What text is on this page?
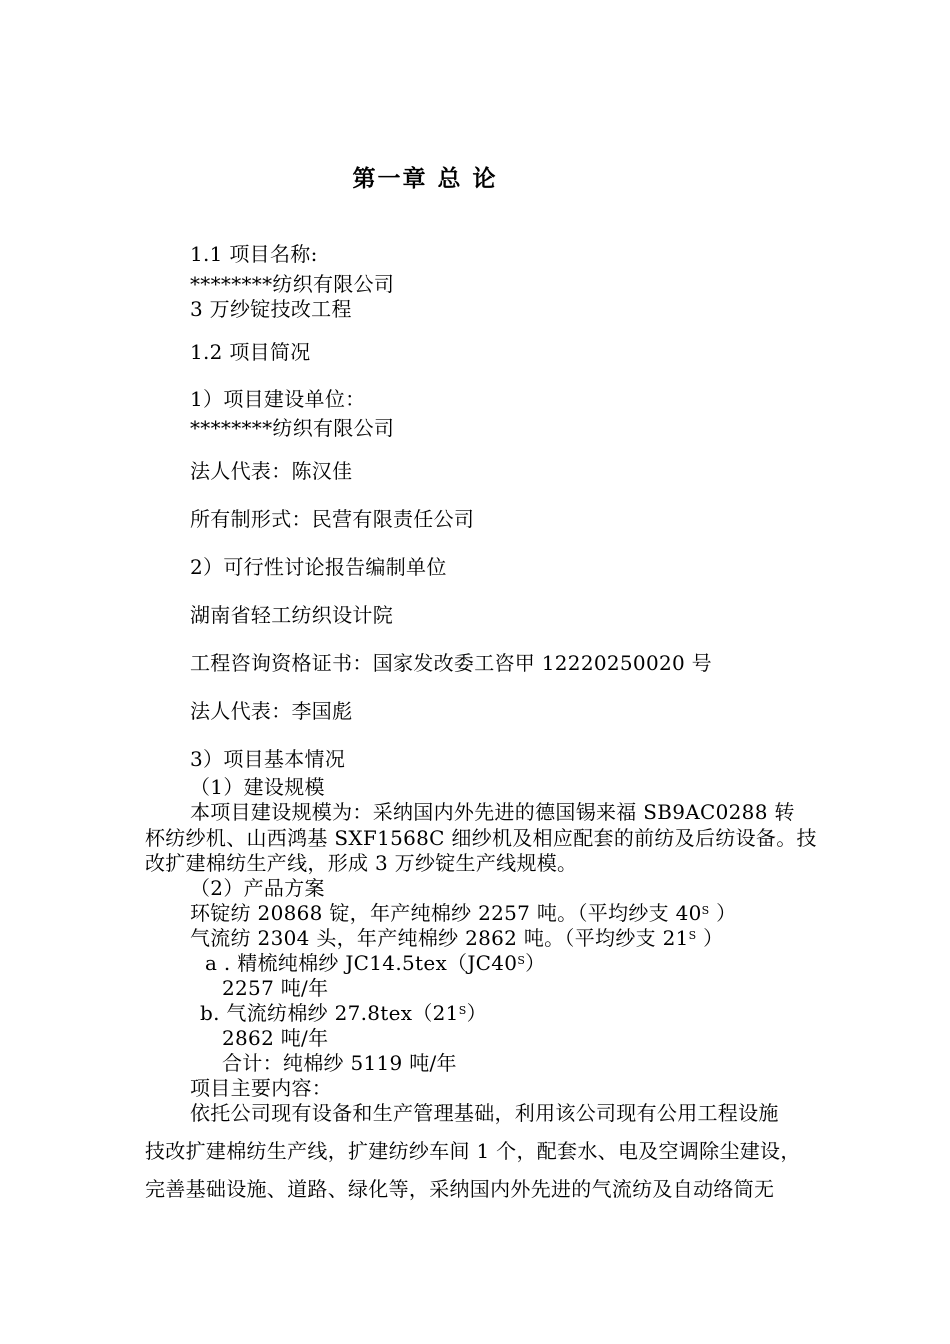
第一章 总 论
1.1 项目名称:
********纺织有限公司
3 万纱锭技改工程
1.2 项目简况
1）项目建设单位：
********纺织有限公司
法人代表：陈汉佳
所有制形式：民营有限责任公司
2）可行性讨论报告编制单位
湖南省轻工纺织设计院
工程咨询资格证书：国家发改委工咨甲 12220250020 号
法人代表：李国彪
3）项目基本情况
（1）建设规模
本项目建设规模为：采纳国内外先进的德国锡来福 SB9AC0288 转
杯纺纱机、山西鸿基 SXF1568C 细纱机及相应配套的前纺及后纺设备。技
改扩建棉纺生产线，形成 3 万纱锭生产线规模。
（2）产品方案
环锭纺 20868 锭，年产纯棉纱 2257 吨。（平均纱支 $40^S$ ）
气流纺 2304 头，年产纯棉纱 2862 吨。（平均纱支 $21^S$ ）
a . 精梳纯棉纱 $JC14.5tex(JC40^S)$
2257 吨/年
b. 气流纺棉纱 $27.8tex(21^S)$
2862 吨/年
合计：纯棉纱 5119 吨/年
项目主要内容：
依托公司现有设备和生产管理基础，利用该公司现有公用工程设施
技改扩建棉纺生产线，扩建纺纱车间 1 个，配套水、电及空调除尘建设，
完善基础设施、道路、绿化等，采纳国内外先进的气流纺及自动络筒无
